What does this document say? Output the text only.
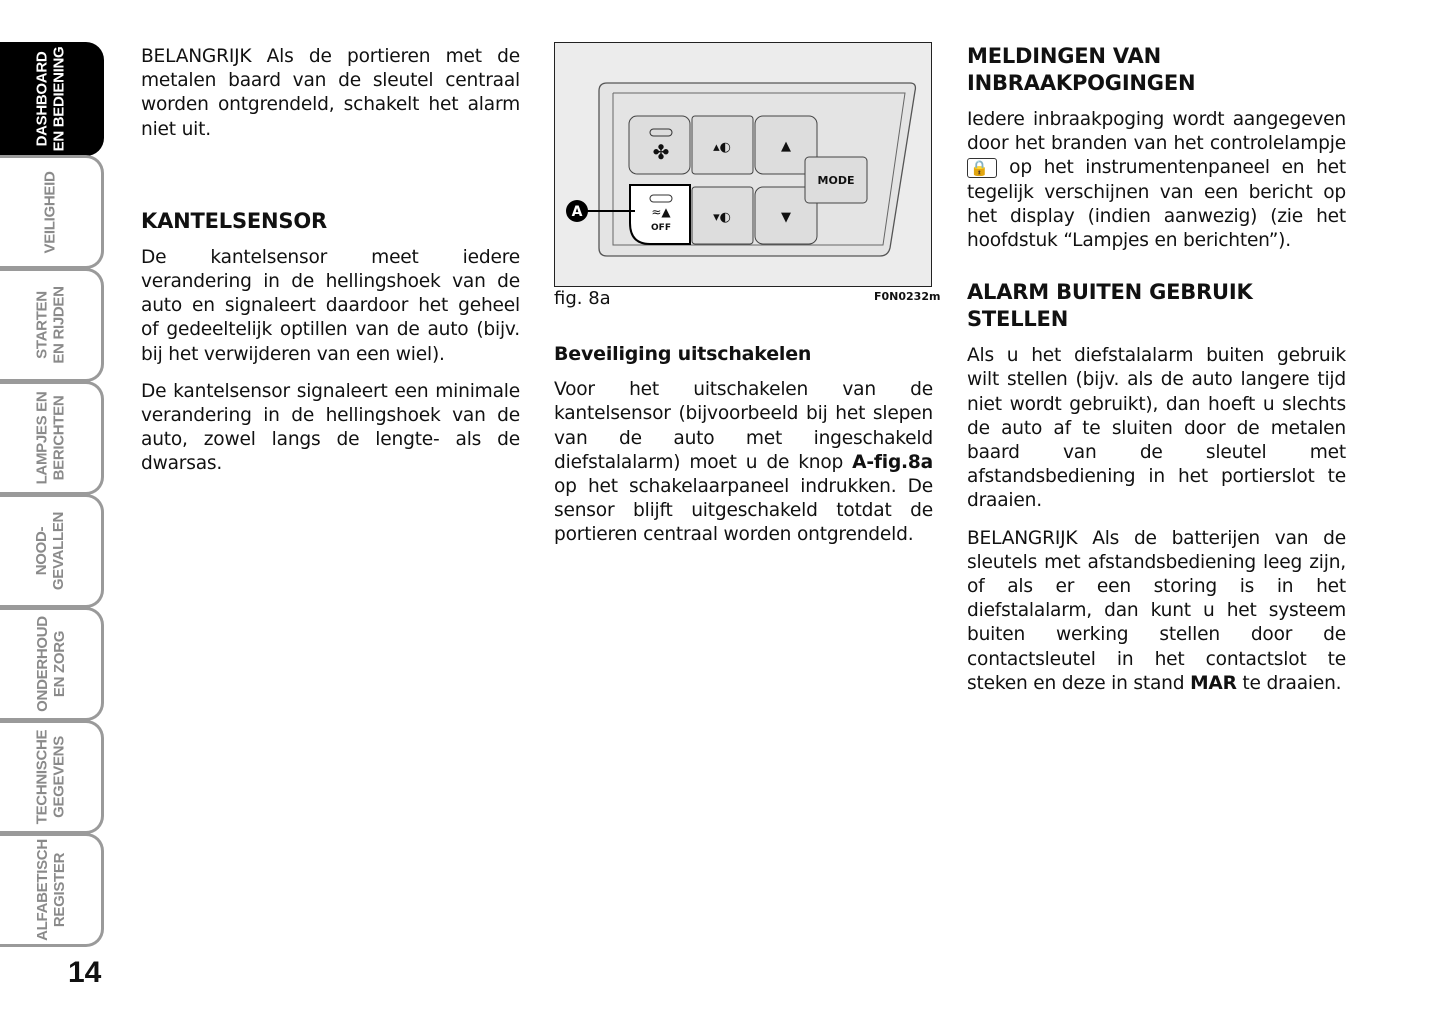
DASHBOARD EN BEDIENING
VEILIGHEID
STARTEN EN RIJDEN
LAMPJES EN BERICHTEN
NOOD- GEVALLEN
ONDERHOUD EN ZORG
TECHNISCHE GEGEVENS
ALFABETISCH REGISTER
14

BELANGRIJK Als de portieren met de metalen baard van de sleutel centraal worden ontgrendeld, schakelt het alarm niet uit.

KANTELSENSOR

De kantelsensor meet iedere verandering in de hellingshoek van de auto en signaleert daardoor het geheel of gedeeltelijk optillen van de auto (bijv. bij het verwijderen van een wiel).

De kantelsensor signaleert een minimale verandering in de hellingshoek van de auto, zowel langs de lengte- als de dwarsas.

✤	▴◐
▾◐
▲
▼
≈▲
OFF
MODE
A
fig. 8a	F0N0232m
Beveiliging uitschakelen

Voor het uitschakelen van de kantelsensor (bijvoorbeeld bij het slepen van de auto met ingeschakeld diefstalalarm) moet u de knop A-fig.8a op het schakelaarpaneel indrukken. De sensor blijft uitgeschakeld totdat de portieren centraal worden ontgrendeld.

MELDINGEN VAN INBRAAKPOGINGEN

Iedere inbraakpoging wordt aangegeven door het branden van het controlelampje 🔒 op het instrumentenpaneel en het tegelijk verschijnen van een bericht op het display (indien aanwezig) (zie het hoofdstuk “Lampjes en berichten”).

ALARM BUITEN GEBRUIK STELLEN

Als u het diefstalalarm buiten gebruik wilt stellen (bijv. als de auto langere tijd niet wordt gebruikt), dan hoeft u slechts de auto af te sluiten door de metalen baard van de sleutel met afstandsbediening in het portierslot te draaien.

BELANGRIJK Als de batterijen van de sleutels met afstandsbediening leeg zijn, of als er een storing is in het diefstalalarm, dan kunt u het systeem buiten werking stellen door de contactsleutel in het contactslot te steken en deze in stand MAR te draaien.
